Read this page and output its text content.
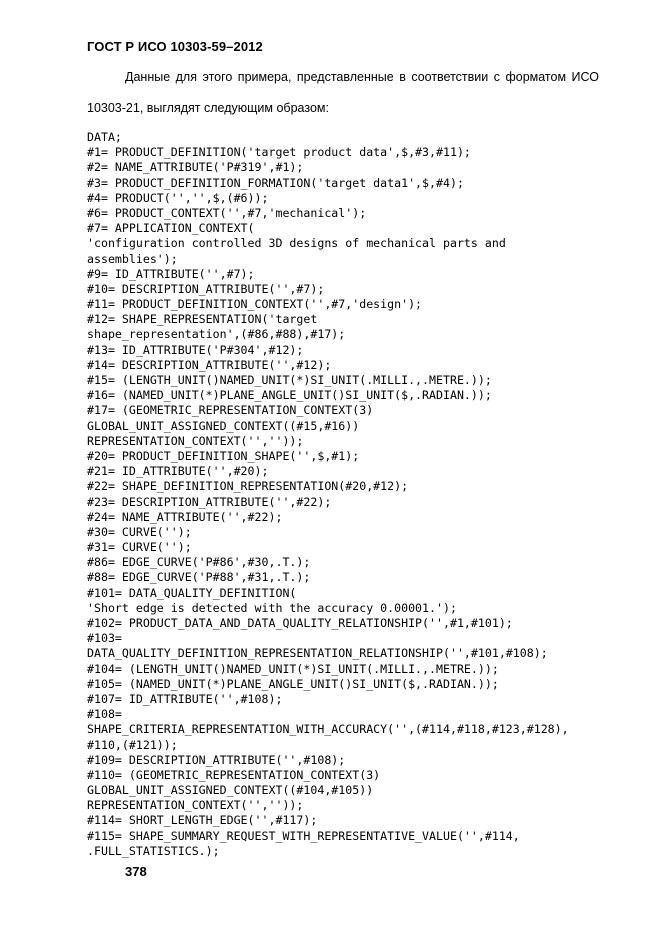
ГОСТ Р ИСО 10303-59–2012
Данные для этого примера, представленные в соответствии с форматом ИСО
10303-21, выглядят следующим образом:
DATA;
#1= PRODUCT_DEFINITION('target product data',$,#3,#11);
#2= NAME_ATTRIBUTE('P#319',#1);
#3= PRODUCT_DEFINITION_FORMATION('target data1',$,#4);
#4= PRODUCT('','',$,(#6));
#6= PRODUCT_CONTEXT('',#7,'mechanical');
#7= APPLICATION_CONTEXT(
'configuration controlled 3D designs of mechanical parts and
assemblies');
#9= ID_ATTRIBUTE('',#7);
#10= DESCRIPTION_ATTRIBUTE('',#7);
#11= PRODUCT_DEFINITION_CONTEXT('',#7,'design');
#12= SHAPE_REPRESENTATION('target
shape_representation',(#86,#88),#17);
#13= ID_ATTRIBUTE('P#304',#12);
#14= DESCRIPTION_ATTRIBUTE('',#12);
#15= (LENGTH_UNIT()NAMED_UNIT(*)SI_UNIT(.MILLI.,.METRE.));
#16= (NAMED_UNIT(*)PLANE_ANGLE_UNIT()SI_UNIT($,.RADIAN.));
#17= (GEOMETRIC_REPRESENTATION_CONTEXT(3)
GLOBAL_UNIT_ASSIGNED_CONTEXT((#15,#16))
REPRESENTATION_CONTEXT('',''));
#20= PRODUCT_DEFINITION_SHAPE('',$,#1);
#21= ID_ATTRIBUTE('',#20);
#22= SHAPE_DEFINITION_REPRESENTATION(#20,#12);
#23= DESCRIPTION_ATTRIBUTE('',#22);
#24= NAME_ATTRIBUTE('',#22);
#30= CURVE('');
#31= CURVE('');
#86= EDGE_CURVE('P#86',#30,.T.);
#88= EDGE_CURVE('P#88',#31,.T.);
#101= DATA_QUALITY_DEFINITION(
'Short edge is detected with the accuracy 0.00001.');
#102= PRODUCT_DATA_AND_DATA_QUALITY_RELATIONSHIP('',#1,#101);
#103=
DATA_QUALITY_DEFINITION_REPRESENTATION_RELATIONSHIP('',#101,#108);
#104= (LENGTH_UNIT()NAMED_UNIT(*)SI_UNIT(.MILLI.,.METRE.));
#105= (NAMED_UNIT(*)PLANE_ANGLE_UNIT()SI_UNIT($,.RADIAN.));
#107= ID_ATTRIBUTE('',#108);
#108=
SHAPE_CRITERIA_REPRESENTATION_WITH_ACCURACY('',(#114,#118,#123,#128),
#110,(#121));
#109= DESCRIPTION_ATTRIBUTE('',#108);
#110= (GEOMETRIC_REPRESENTATION_CONTEXT(3)
GLOBAL_UNIT_ASSIGNED_CONTEXT((#104,#105))
REPRESENTATION_CONTEXT('',''));
#114= SHORT_LENGTH_EDGE('',#117);
#115= SHAPE_SUMMARY_REQUEST_WITH_REPRESENTATIVE_VALUE('',#114,
.FULL_STATISTICS.);
378
